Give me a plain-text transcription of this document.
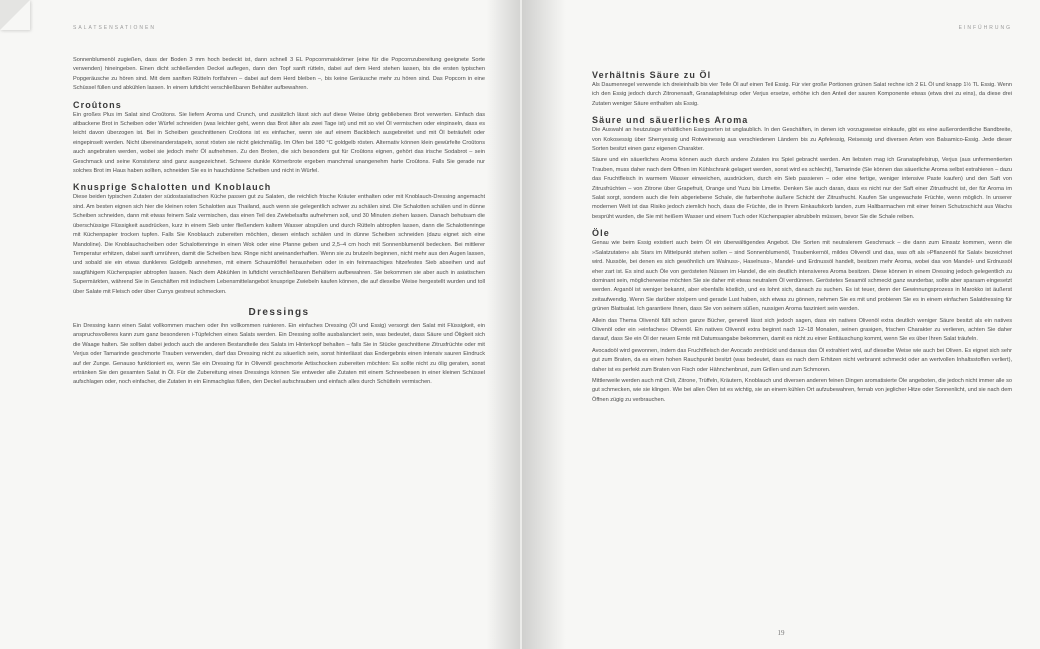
SALATSENSATIONEN

Sonnenblumenöl zugießen, dass der Boden 3 mm hoch bedeckt ist, dann schnell 3 EL Popcornmaiskörner (eine für die Popcornzubereitung geeignete Sorte verwenden) hineingeben. Einen dicht schließenden Deckel auflegen, dann den Topf sanft rütteln, dabei auf dem Herd stehen lassen, bis die ersten typischen Popgeräusche zu hören sind. Mit dem sanften Rütteln fortfahren – dabei auf dem Herd bleiben –, bis keine Geräusche mehr zu hören sind. Das Popcorn in eine Schüssel füllen und abkühlen lassen. In einem luftdicht verschließbaren Behälter aufbewahren.

Croûtons

Ein großes Plus im Salat sind Croûtons. Sie liefern Aroma und Crunch, und zusätzlich lässt sich auf diese Weise übrig gebliebenes Brot verwerten. Einfach das altbackene Brot in Scheiben oder Würfel schneiden (was leichter geht, wenn das Brot älter als zwei Tage ist) und mit so viel Öl vermischen oder einpinseln, dass es leicht davon überzogen ist. Bei in Scheiben geschnittenen Croûtons ist es einfacher, wenn sie auf einem Backblech ausgebreitet und mit Öl beträufelt oder eingepinselt werden. Nicht übereinanderstapeln, sonst rösten sie nicht gleichmäßig. Im Ofen bei 180 °C goldgelb rösten. Alternativ können klein gewürfelte Croûtons auch angebraten werden, wobei sie jedoch mehr Öl aufnehmen. Zu den Broten, die sich besonders gut für Croûtons eignen, gehört das irische Sodabrot – sein Geschmack und seine Konsistenz sind ganz ausgezeichnet. Schwere dunkle Körnerbrote ergeben manchmal unangenehm harte Croûtons. Falls Sie gerade nur solches Brot im Haus haben sollten, schneiden Sie es in hauchdünne Scheiben und nicht in Würfel.

Knusprige Schalotten und Knoblauch

Diese beiden typischen Zutaten der südostasiatischen Küche passen gut zu Salaten, die reichlich frische Kräuter enthalten oder mit Knoblauch-Dressing angemacht sind. Am besten eignen sich hier die kleinen roten Schalotten aus Thailand, auch wenn sie gelegentlich schwer zu schälen sind. Die Schalotten schälen und in dünne Scheiben schneiden, dann mit etwas feinem Salz vermischen, das einen Teil des Zwiebelsafts aufnehmen soll, und 30 Minuten ziehen lassen. Danach behutsam die überschüssige Flüssigkeit ausdrücken, kurz in einem Sieb unter fließendem kaltem Wasser abspülen und durch Rütteln abtropfen lassen, dann die Schalottenringe mit Küchenpapier trocken tupfen. Falls Sie Knoblauch zubereiten möchten, diesen einfach schälen und in dünne Scheiben schneiden (dazu eignet sich eine Mandoline). Die Knoblauchscheiben oder Schalottenringe in einen Wok oder eine Pfanne geben und 2,5–4 cm hoch mit Sonnenblumenöl bedecken. Bei mittlerer Temperatur erhitzen, dabei sanft umrühren, damit die Scheiben bzw. Ringe nicht aneinanderhaften. Wenn sie zu brutzeln beginnen, nicht mehr aus den Augen lassen, und sobald sie ein etwas dunkleres Goldgelb annehmen, mit einem Schaumlöffel herausheben oder in ein feinmaschiges hitzefestes Sieb abseihen und auf saugfähigem Küchenpapier abtropfen lassen. Nach dem Abkühlen in luftdicht verschließbaren Behältern aufbewahren. Sie bekommen sie aber auch in asiatischen Supermärkten, während Sie in Geschäften mit indischem Lebensmittelangebot knusprige Zwiebeln kaufen können, die auf dieselbe Weise hergestellt wurden und toll über Salate mit Fleisch oder über Currys gestreut schmecken.

Dressings

Ein Dressing kann einen Salat vollkommen machen oder ihn vollkommen ruinieren. Ein einfaches Dressing (Öl und Essig) versorgt den Salat mit Flüssigkeit, ein anspruchsvolleres kann zum ganz besonderen i-Tüpfelchen eines Salats werden. Ein Dressing sollte ausbalanciert sein, was bedeutet, dass Säure und Öligkeit sich die Waage halten. Sie sollten dabei jedoch auch die anderen Bestandteile des Salats im Hinterkopf behalten – falls Sie in Stücke geschnittene Zitrusfrüchte oder mit Verjus oder Tamarinde geschmorte Trauben verwenden, darf das Dressing nicht zu säuerlich sein, sonst hinterlässt das Endergebnis einen intensiv sauren Eindruck auf der Zunge. Genauso funktioniert es, wenn Sie ein Dressing für in Olivenöl geschmorte Artischocken zubereiten möchten: Es sollte nicht zu ölig geraten, sonst ertränken Sie den gesamten Salat in Öl. Für die Zubereitung eines Dressings können Sie entweder alle Zutaten mit einem Schneebesen in einer kleinen Schüssel aufschlagen oder, noch einfacher, die Zutaten in ein Einmachglas füllen, den Deckel aufschrauben und einfach alles durch Schütteln vermischen.

EINFÜHRUNG
Verhältnis Säure zu Öl

Als Daumenregel verwende ich dreieinhalb bis vier Teile Öl auf einen Teil Essig. Für vier große Portionen grünen Salat rechne ich 2 EL Öl und knapp 1½ TL Essig. Wenn ich den Essig jedoch durch Zitronensaft, Granatapfelsirup oder Verjus ersetze, erhöhe ich den Anteil der sauren Komponente etwas (etwa drei zu eins), da diese drei Zutaten weniger Säure enthalten als Essig.

Säure und säuerliches Aroma

Die Auswahl an heutzutage erhältlichen Essigsorten ist unglaublich. In den Geschäften, in denen ich vorzugsweise einkaufe, gibt es eine außerordentliche Bandbreite, von Kokosessig über Sherryessig und Rotweinessig aus verschiedenen Ländern bis zu Apfelessig, Reisessig und diversen Arten von Balsamico-Essig. Jede dieser Sorten besitzt einen ganz eigenen Charakter.

Säure und ein säuerliches Aroma können auch durch andere Zutaten ins Spiel gebracht werden. Am liebsten mag ich Granatapfelsirup, Verjus (aus unfermentierten Trauben, muss daher nach dem Öffnen im Kühlschrank gelagert werden, sonst wird es schlecht), Tamarinde (Sie können das säuerliche Aroma selbst extrahieren – dazu das Fruchtfleisch in warmem Wasser einweichen, ausdrücken, durch ein Sieb passieren – oder eine fertige, weniger intensive Paste kaufen) und den Saft von Zitrusfrüchten – von Zitrone über Grapefruit, Orange und Yuzu bis Limette. Denken Sie auch daran, dass es nicht nur der Saft einer Zitrusfrucht ist, der für Aroma im Salat sorgt, sondern auch die fein abgeriebene Schale, die farbenfrohe äußere Schicht der Zitrusfrucht. Kaufen Sie ungewachste Früchte, wenn möglich. In unserer modernen Welt ist das Risiko jedoch ziemlich hoch, dass die Früchte, die in Ihrem Einkaufskorb landen, zum Haltbarmachen mit einer feinen Schutzschicht aus Wachs besprüht wurden, die Sie mit heißem Wasser und einem Tuch oder Küchenpapier abrubbeln müssen, bevor Sie die Schale reiben.

Öle

Genau wie beim Essig existiert auch beim Öl ein überwältigendes Angebot. Die Sorten mit neutralerem Geschmack – die dann zum Einsatz kommen, wenn die »Salatzutaten« als Stars im Mittelpunkt stehen sollen – sind Sonnenblumenöl, Traubenkernöl, mildes Olivenöl und das, was oft als »Pflanzenöl für Salat« bezeichnet wird. Nussöle, bei denen es sich gewöhnlich um Walnuss-, Haselnuss-, Mandel- und Erdnussöl handelt, besitzen mehr Aroma, wobei das von Mandel- und Erdnussöl eher zart ist. Es sind auch Öle von gerösteten Nüssen im Handel, die ein deutlich intensiveres Aroma besitzen. Diese können in einem Dressing jedoch gelegentlich zu dominant sein, möglicherweise möchten Sie sie daher mit etwas neutralem Öl verdünnen. Geröstetes Sesamöl schmeckt ganz wunderbar, sollte aber sparsam eingesetzt werden. Arganöl ist weniger bekannt, aber ebenfalls köstlich, und es lohnt sich, danach zu suchen. Es ist teuer, denn der Gewinnungsprozess in Marokko ist äußerst zeitaufwendig. Wenn Sie darüber stolpern und gerade Lust haben, sich etwas zu gönnen, nehmen Sie es mit und probieren Sie es in einem einfachen Salatdressing für grünen Blattsalat. Ich garantiere Ihnen, dass Sie von seinem süßen, nussigen Aroma fasziniert sein werden.

Allein das Thema Olivenöl füllt schon ganze Bücher, generell lässt sich jedoch sagen, dass ein natives Olivenöl extra deutlich weniger Säure besitzt als ein natives Olivenöl oder ein »einfaches« Olivenöl. Ein natives Olivenöl extra beginnt nach 12–18 Monaten, seinen grasigen, frischen Charakter zu verlieren, achten Sie daher darauf, dass Sie ein Öl der neuen Ernte mit Datumsangabe bekommen, damit es nicht zu einer Enttäuschung kommt, wenn Sie es über Ihren Salat träufeln.

Avocadoöl wird gewonnen, indem das Fruchtfleisch der Avocado zerdrückt und daraus das Öl extrahiert wird, auf dieselbe Weise wie auch bei Oliven. Es eignet sich sehr gut zum Braten, da es einen hohen Rauchpunkt besitzt (was bedeutet, dass es nach dem Erhitzen nicht verbrannt schmeckt oder an wertvollen Inhaltsstoffen verliert), daher ist es perfekt zum Braten von Fisch oder Hähnchenbrust, zum Grillen und zum Schmoren.

Mittlerweile werden auch mit Chili, Zitrone, Trüffeln, Kräutern, Knoblauch und diversen anderen feinen Dingen aromatisierte Öle angeboten, die jedoch nicht immer alle so gut schmecken, wie sie klingen. Wie bei allen Ölen ist es wichtig, sie an einem kühlen Ort aufzubewahren, fernab von jeglicher Hitze oder Sonnenlicht, und sie nach dem Öffnen zügig zu verbrauchen.

19
